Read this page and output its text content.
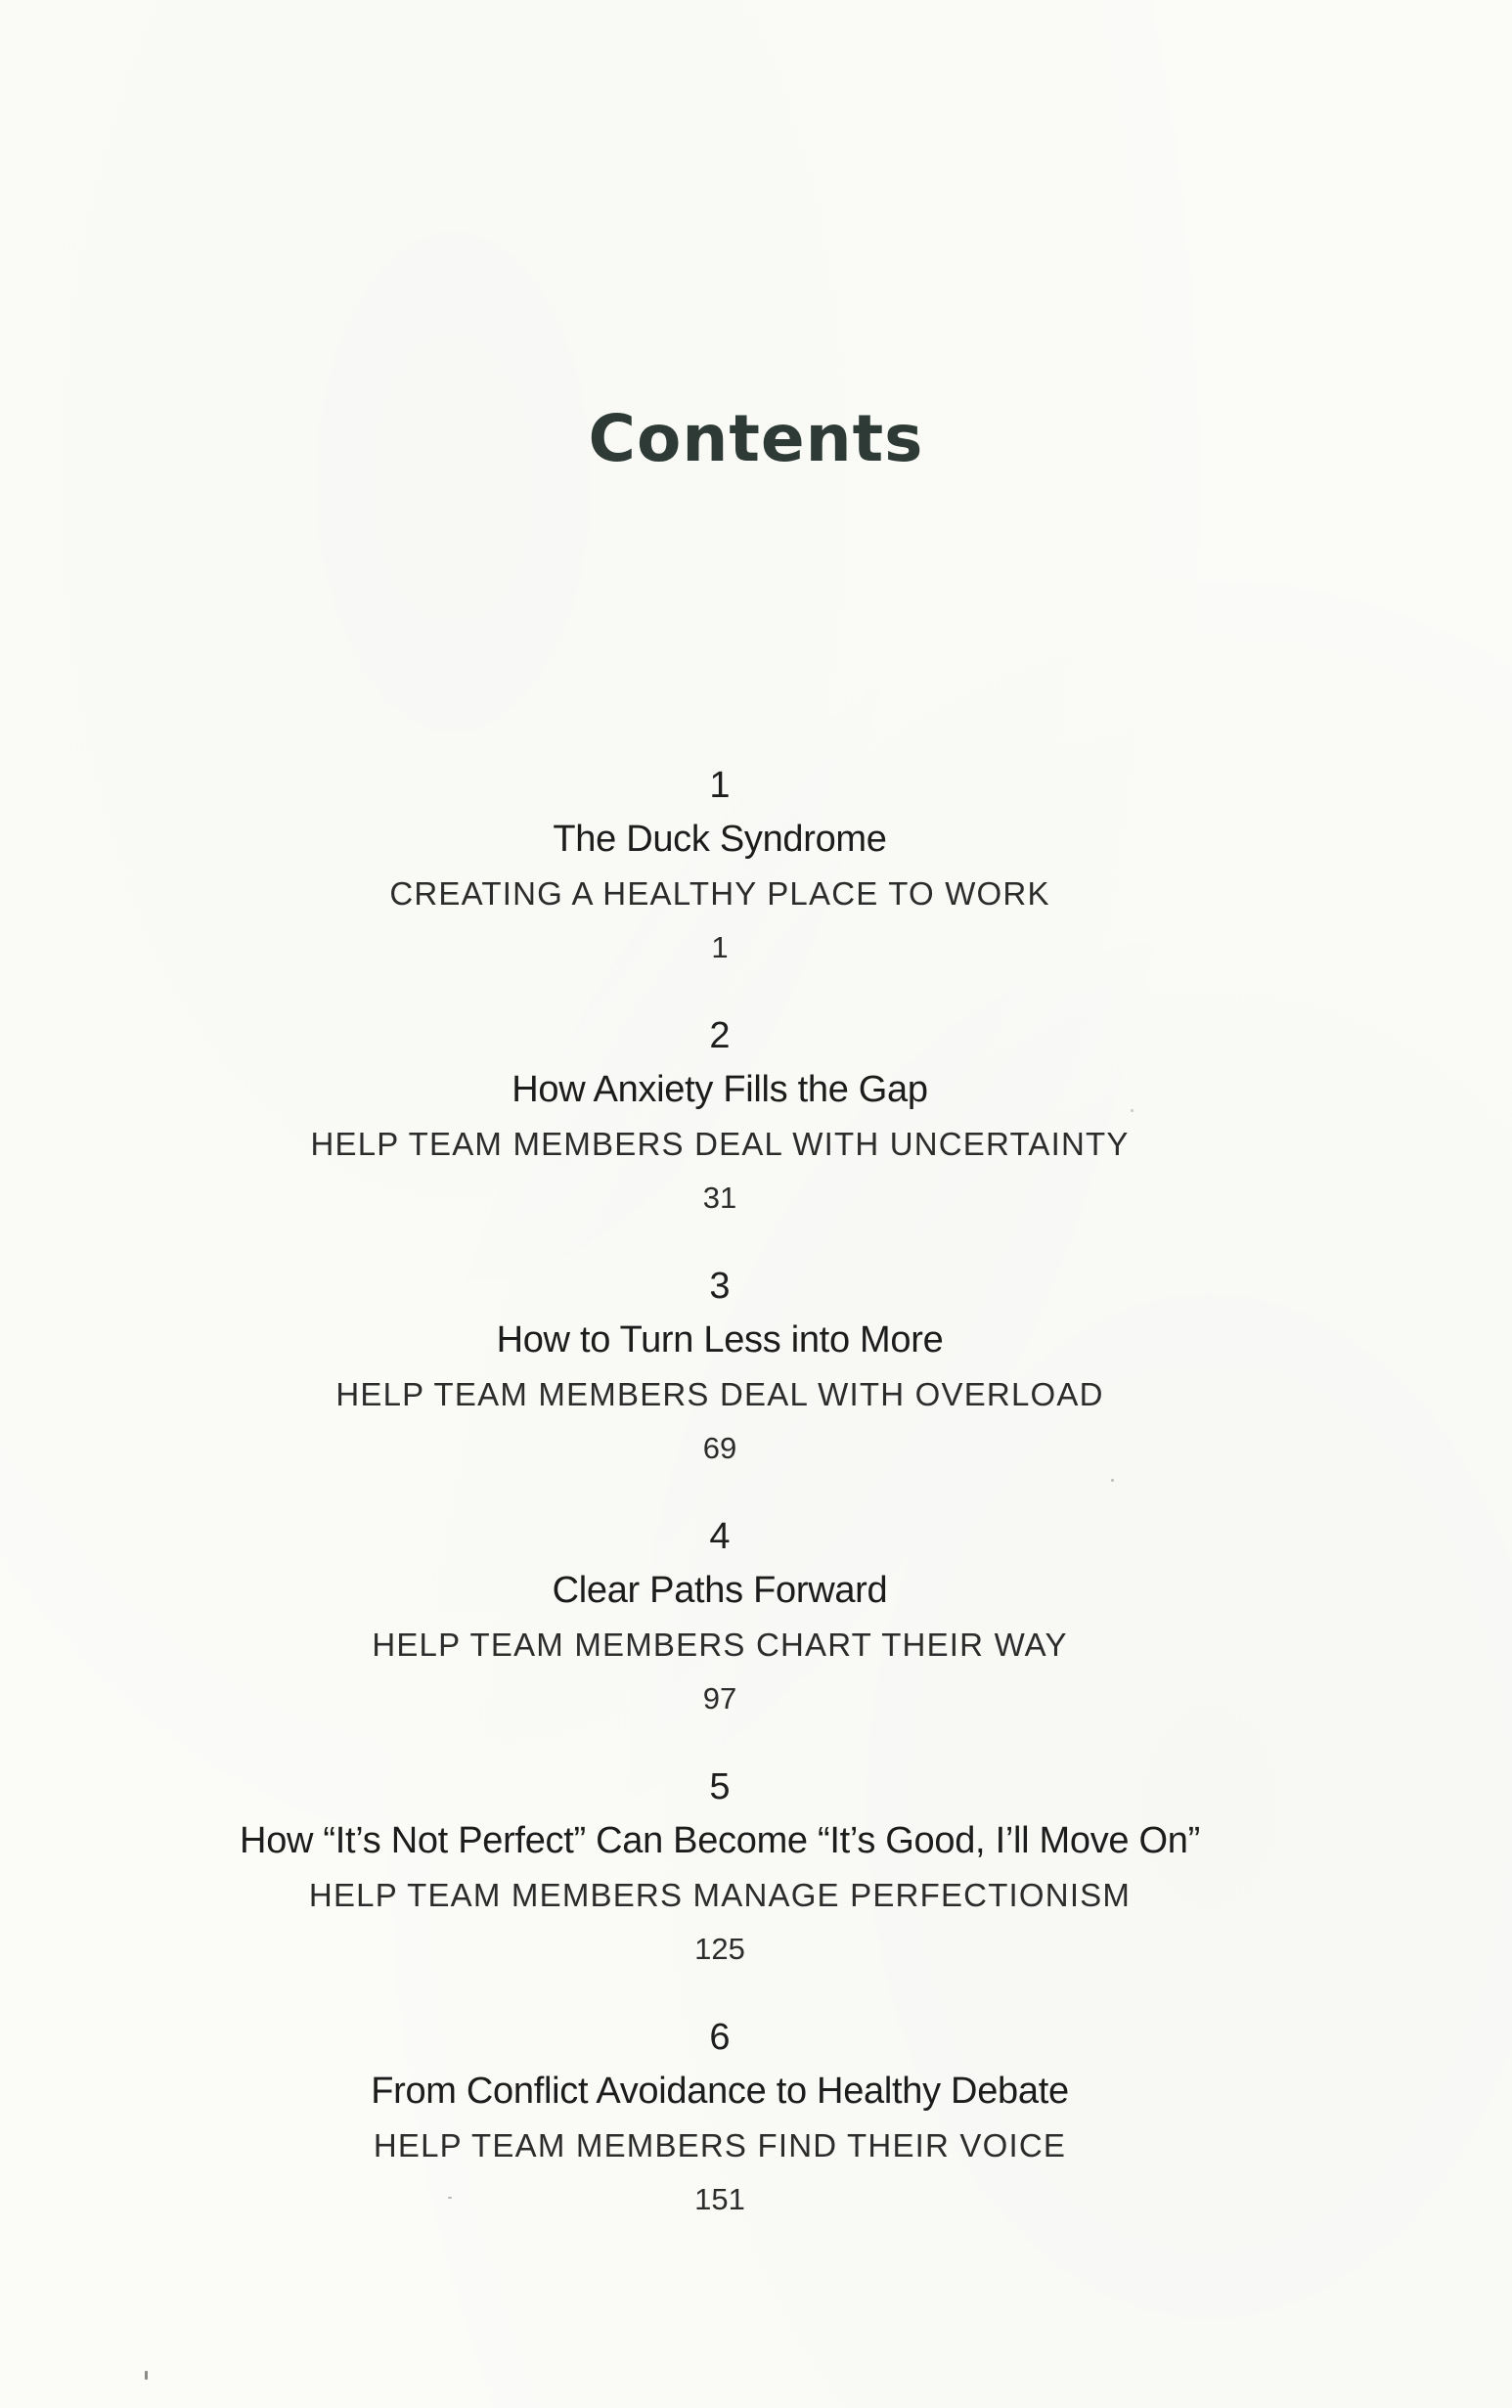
Contents
1
The Duck Syndrome
CREATING A HEALTHY PLACE TO WORK
1
2
How Anxiety Fills the Gap
HELP TEAM MEMBERS DEAL WITH UNCERTAINTY
31
3
How to Turn Less into More
HELP TEAM MEMBERS DEAL WITH OVERLOAD
69
4
Clear Paths Forward
HELP TEAM MEMBERS CHART THEIR WAY
97
5
How “It’s Not Perfect” Can Become “It’s Good, I’ll Move On”
HELP TEAM MEMBERS MANAGE PERFECTIONISM
125
6
From Conflict Avoidance to Healthy Debate
HELP TEAM MEMBERS FIND THEIR VOICE
151
